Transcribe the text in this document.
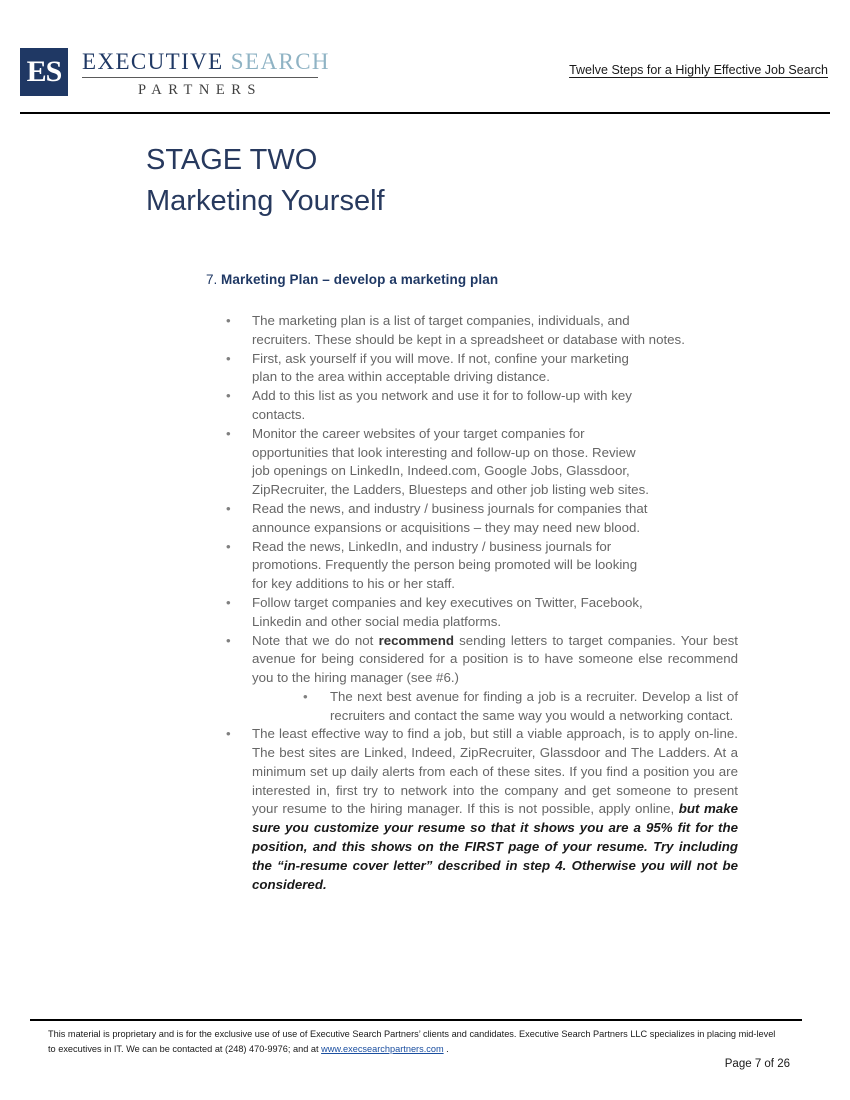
ES EXECUTIVE SEARCH
PARTNERS
Twelve Steps for a Highly Effective Job Search
STAGE TWO
Marketing Yourself
7. Marketing Plan – develop a marketing plan
• The marketing plan is a list of target companies, individuals, and recruiters. These should be kept in a spreadsheet or database with notes.
• First, ask yourself if you will move. If not, confine your marketing plan to the area within acceptable driving distance.
• Add to this list as you network and use it for to follow-up with key contacts.
• Monitor the career websites of your target companies for opportunities that look interesting and follow-up on those. Review job openings on LinkedIn, Indeed.com, Google Jobs, Glassdoor, ZipRecruiter, the Ladders, Bluesteps and other job listing web sites.
• Read the news, and industry / business journals for companies that announce expansions or acquisitions – they may need new blood.
• Read the news, LinkedIn, and industry / business journals for promotions. Frequently the person being promoted will be looking for key additions to his or her staff.
• Follow target companies and key executives on Twitter, Facebook, Linkedin and other social media platforms.
• Note that we do not recommend sending letters to target companies. Your best avenue for being considered for a position is to have someone else recommend you to the hiring manager (see #6.)
• The next best avenue for finding a job is a recruiter. Develop a list of recruiters and contact the same way you would a networking contact.
• The least effective way to find a job, but still a viable approach, is to apply on-line. The best sites are Linked, Indeed, ZipRecruiter, Glassdoor and The Ladders. At a minimum set up daily alerts from each of these sites. If you find a position you are interested in, first try to network into the company and get someone to present your resume to the hiring manager. If this is not possible, apply online, but make sure you customize your resume so that it shows you are a 95% fit for the position, and this shows on the FIRST page of your resume. Try including the “in-resume cover letter” described in step 4. Otherwise you will not be considered.
This material is proprietary and is for the exclusive use of use of Executive Search Partners’ clients and candidates. Executive Search Partners LLC specializes in placing mid-level to executives in IT. We can be contacted at (248) 470-9976; and at www.execsearchpartners.com .
Page 7 of 26
